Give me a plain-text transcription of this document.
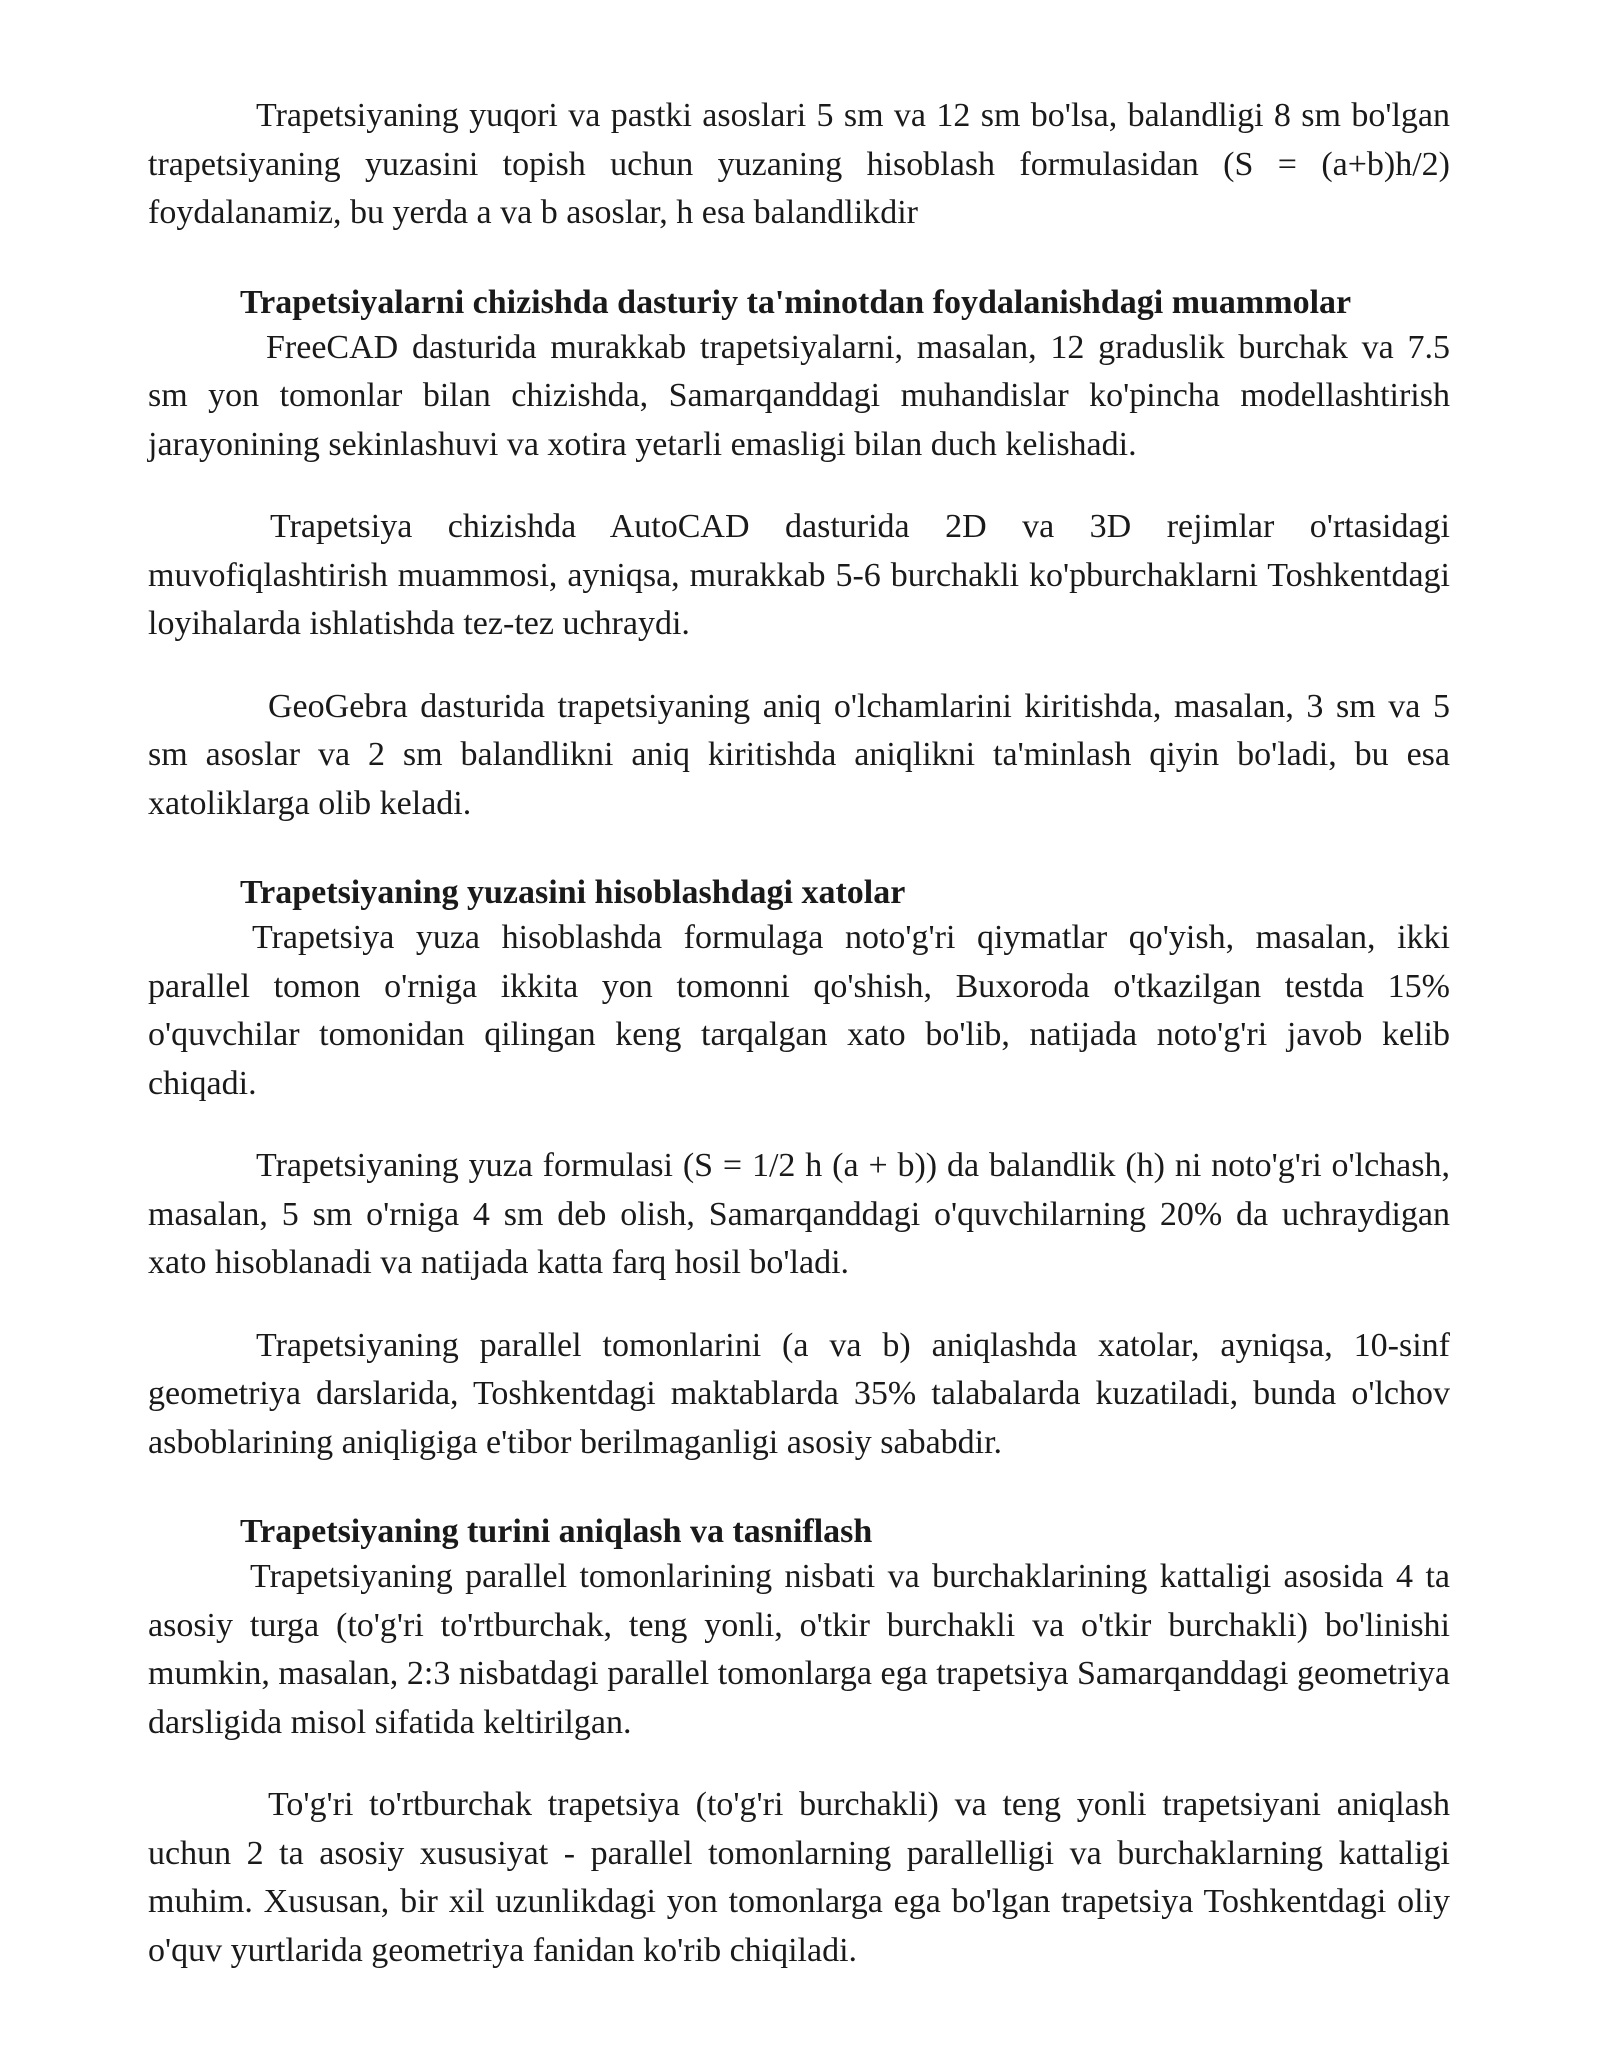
Trapetsiyaning yuqori va pastki asoslari 5 sm va 12 sm bo'lsa, balandligi 8 sm bo'lgan trapetsiyaning yuzasini topish uchun yuzaning hisoblash formulasidan (S = (a+b)h/2) foydalanamiz, bu yerda a va b asoslar, h esa balandlikdir

Trapetsiyalarni chizishda dasturiy ta'minotdan foydalanishdagi muammolar

FreeCAD dasturida murakkab trapetsiyalarni, masalan, 12 graduslik burchak va 7.5 sm yon tomonlar bilan chizishda, Samarqanddagi muhandislar ko'pincha modellashtirish jarayonining sekinlashuvi va xotira yetarli emasligi bilan duch kelishadi.

Trapetsiya chizishda AutoCAD dasturida 2D va 3D rejimlar o'rtasidagi muvofiqlashtirish muammosi, ayniqsa, murakkab 5-6 burchakli ko'pburchaklarni Toshkentdagi loyihalarda ishlatishda tez-tez uchraydi.

GeoGebra dasturida trapetsiyaning aniq o'lchamlarini kiritishda, masalan, 3 sm va 5 sm asoslar va 2 sm balandlikni aniq kiritishda aniqlikni ta'minlash qiyin bo'ladi, bu esa xatoliklarga olib keladi.

Trapetsiyaning yuzasini hisoblashdagi xatolar

Trapetsiya yuza hisoblashda formulaga noto'g'ri qiymatlar qo'yish, masalan, ikki parallel tomon o'rniga ikkita yon tomonni qo'shish, Buxoroda o'tkazilgan testda 15% o'quvchilar tomonidan qilingan keng tarqalgan xato bo'lib, natijada noto'g'ri javob kelib chiqadi.

Trapetsiyaning yuza formulasi (S = 1/2 h (a + b)) da balandlik (h) ni noto'g'ri o'lchash, masalan, 5 sm o'rniga 4 sm deb olish, Samarqanddagi o'quvchilarning 20% da uchraydigan xato hisoblanadi va natijada katta farq hosil bo'ladi.

Trapetsiyaning parallel tomonlarini (a va b) aniqlashda xatolar, ayniqsa, 10-sinf geometriya darslarida, Toshkentdagi maktablarda 35% talabalarda kuzatiladi, bunda o'lchov asboblarining aniqligiga e'tibor berilmaganligi asosiy sababdir.

Trapetsiyaning turini aniqlash va tasniflash

Trapetsiyaning parallel tomonlarining nisbati va burchaklarining kattaligi asosida 4 ta asosiy turga (to'g'ri to'rtburchak, teng yonli, o'tkir burchakli va o'tkir burchakli) bo'linishi mumkin, masalan, 2:3 nisbatdagi parallel tomonlarga ega trapetsiya Samarqanddagi geometriya darsligida misol sifatida keltirilgan.

To'g'ri to'rtburchak trapetsiya (to'g'ri burchakli) va teng yonli trapetsiyani aniqlash uchun 2 ta asosiy xususiyat - parallel tomonlarning parallelligi va burchaklarning kattaligi muhim. Xususan, bir xil uzunlikdagi yon tomonlarga ega bo'lgan trapetsiya Toshkentdagi oliy o'quv yurtlarida geometriya fanidan ko'rib chiqiladi.
